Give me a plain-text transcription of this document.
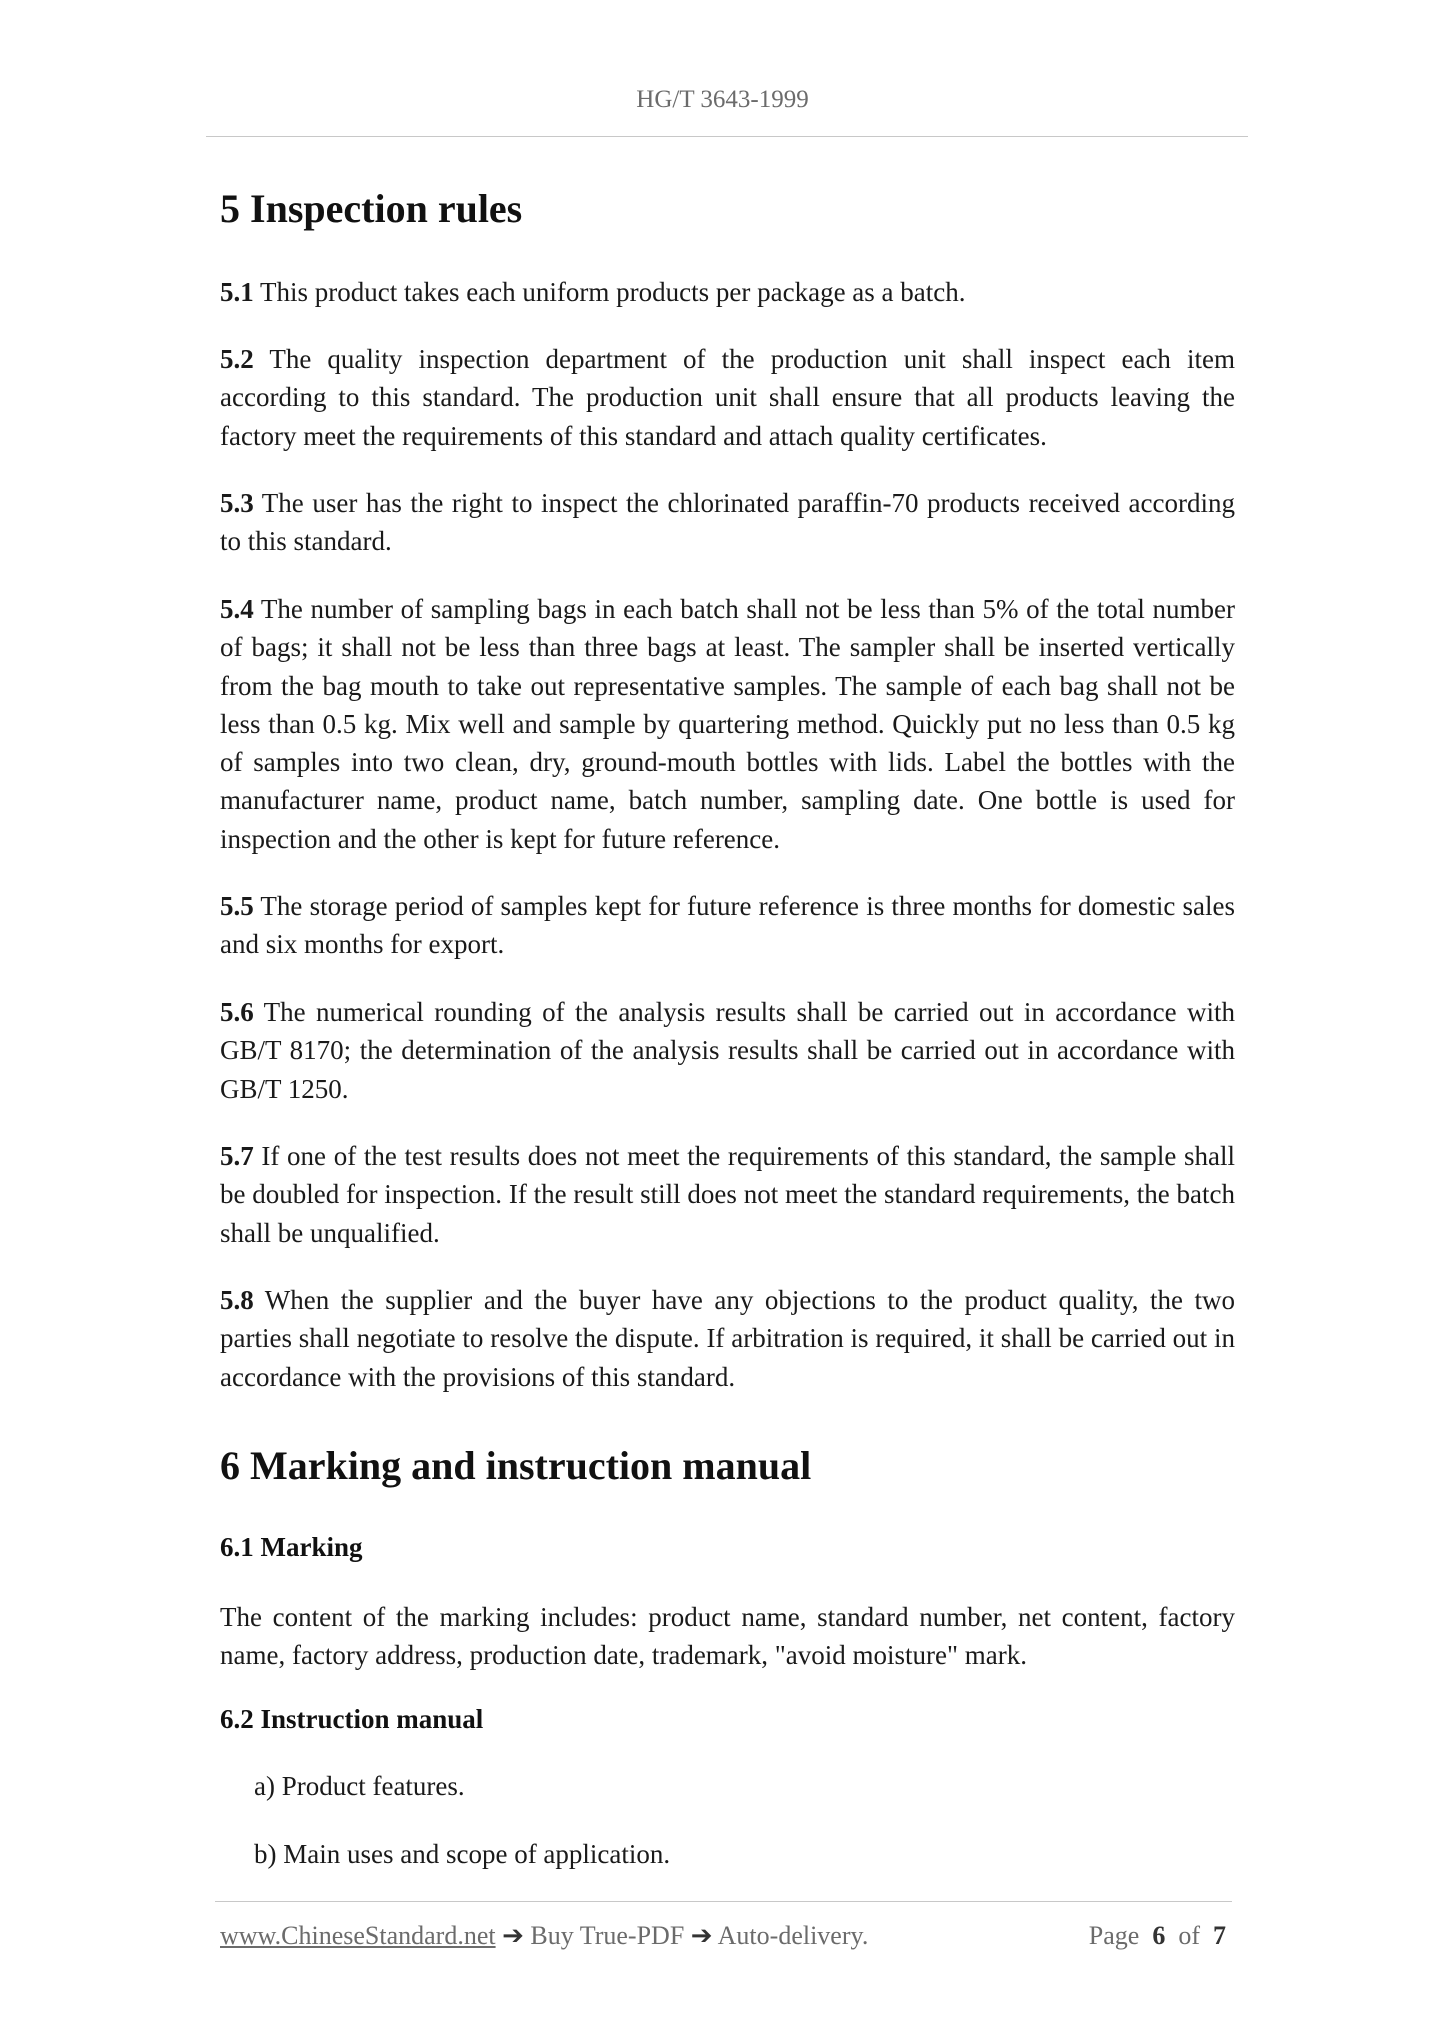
HG/T 3643-1999
5 Inspection rules
5.1 This product takes each uniform products per package as a batch.
5.2 The quality inspection department of the production unit shall inspect each item according to this standard. The production unit shall ensure that all products leaving the factory meet the requirements of this standard and attach quality certificates.
5.3 The user has the right to inspect the chlorinated paraffin-70 products received according to this standard.
5.4 The number of sampling bags in each batch shall not be less than 5% of the total number of bags; it shall not be less than three bags at least. The sampler shall be inserted vertically from the bag mouth to take out representative samples. The sample of each bag shall not be less than 0.5 kg. Mix well and sample by quartering method. Quickly put no less than 0.5 kg of samples into two clean, dry, ground-mouth bottles with lids. Label the bottles with the manufacturer name, product name, batch number, sampling date. One bottle is used for inspection and the other is kept for future reference.
5.5 The storage period of samples kept for future reference is three months for domestic sales and six months for export.
5.6 The numerical rounding of the analysis results shall be carried out in accordance with GB/T 8170; the determination of the analysis results shall be carried out in accordance with GB/T 1250.
5.7 If one of the test results does not meet the requirements of this standard, the sample shall be doubled for inspection. If the result still does not meet the standard requirements, the batch shall be unqualified.
5.8 When the supplier and the buyer have any objections to the product quality, the two parties shall negotiate to resolve the dispute. If arbitration is required, it shall be carried out in accordance with the provisions of this standard.
6 Marking and instruction manual
6.1 Marking
The content of the marking includes: product name, standard number, net content, factory name, factory address, production date, trademark, "avoid moisture" mark.
6.2 Instruction manual
a) Product features.
b) Main uses and scope of application.
www.ChineseStandard.net ➔ Buy True-PDF ➔ Auto-delivery.	Page 6 of 7
